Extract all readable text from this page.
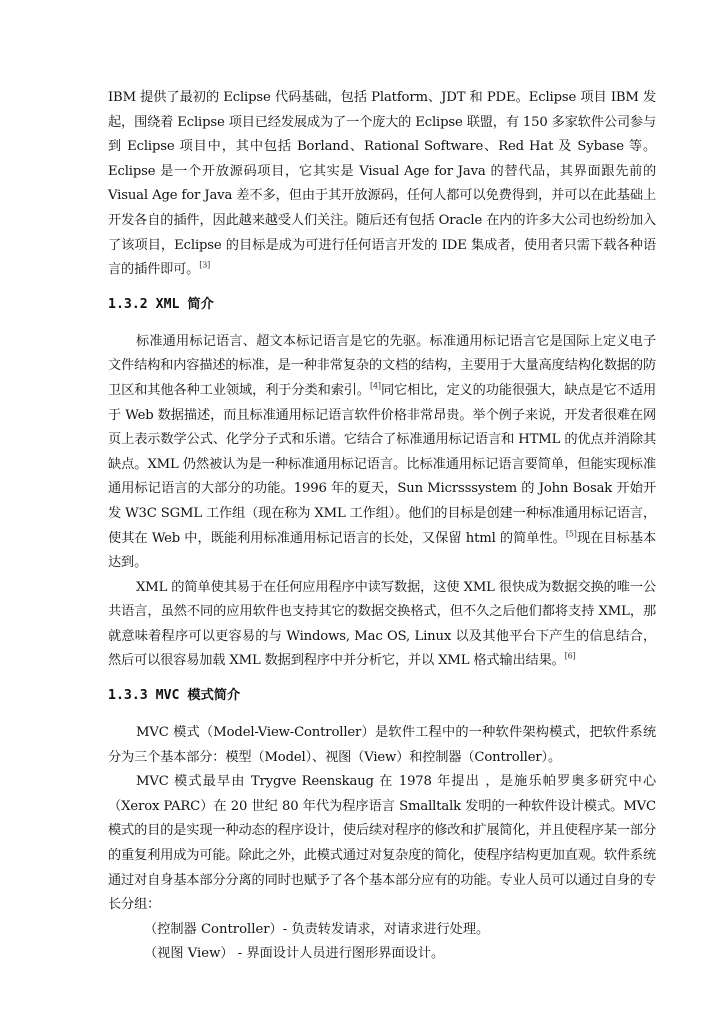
IBM 提供了最初的 Eclipse 代码基础，包括 Platform、JDT 和 PDE。Eclipse 项目 IBM 发起，围绕着 Eclipse 项目已经发展成为了一个庞大的 Eclipse 联盟，有 150 多家软件公司参与到 Eclipse 项目中，其中包括 Borland、Rational Software、Red Hat 及 Sybase 等。Eclipse 是一个开放源码项目，它其实是 Visual Age for Java 的替代品，其界面跟先前的 Visual Age for Java 差不多，但由于其开放源码，任何人都可以免费得到，并可以在此基础上开发各自的插件，因此越来越受人们关注。随后还有包括 Oracle 在内的许多大公司也纷纷加入了该项目，Eclipse 的目标是成为可进行任何语言开发的 IDE 集成者，使用者只需下载各种语言的插件即可。[3]

1.3.2 XML 简介

标准通用标记语言、超文本标记语言是它的先驱。标准通用标记语言它是国际上定义电子文件结构和内容描述的标准，是一种非常复杂的文档的结构，主要用于大量高度结构化数据的防卫区和其他各种工业领域，利于分类和索引。[4]同它相比，定义的功能很强大，缺点是它不适用于 Web 数据描述，而且标准通用标记语言软件价格非常昂贵。举个例子来说，开发者很难在网页上表示数学公式、化学分子式和乐谱。它结合了标准通用标记语言和 HTML 的优点并消除其缺点。XML 仍然被认为是一种标准通用标记语言。比标准通用标记语言要简单，但能实现标准通用标记语言的大部分的功能。1996 年的夏天，Sun Micrsssystem 的 John Bosak 开始开发 W3C SGML 工作组（现在称为 XML 工作组）。他们的目标是创建一种标准通用标记语言，使其在 Web 中，既能利用标准通用标记语言的长处，又保留 html 的简单性。[5]现在目标基本达到。

XML 的简单使其易于在任何应用程序中读写数据，这使 XML 很快成为数据交换的唯一公共语言，虽然不同的应用软件也支持其它的数据交换格式，但不久之后他们都将支持 XML，那就意味着程序可以更容易的与 Windows, Mac OS, Linux 以及其他平台下产生的信息结合，然后可以很容易加载 XML 数据到程序中并分析它，并以 XML 格式输出结果。[6]

1.3.3 MVC 模式简介

MVC 模式（Model-View-Controller）是软件工程中的一种软件架构模式，把软件系统分为三个基本部分：模型（Model）、视图（View）和控制器（Controller）。

MVC 模式最早由 Trygve Reenskaug 在 1978 年提出 ，是施乐帕罗奥多研究中心（Xerox PARC）在 20 世纪 80 年代为程序语言 Smalltalk 发明的一种软件设计模式。MVC 模式的目的是实现一种动态的程序设计，使后续对程序的修改和扩展简化，并且使程序某一部分的重复利用成为可能。除此之外，此模式通过对复杂度的简化，使程序结构更加直观。软件系统通过对自身基本部分分离的同时也赋予了各个基本部分应有的功能。专业人员可以通过自身的专长分组：

（控制器 Controller）- 负责转发请求，对请求进行处理。

（视图 View） - 界面设计人员进行图形界面设计。
